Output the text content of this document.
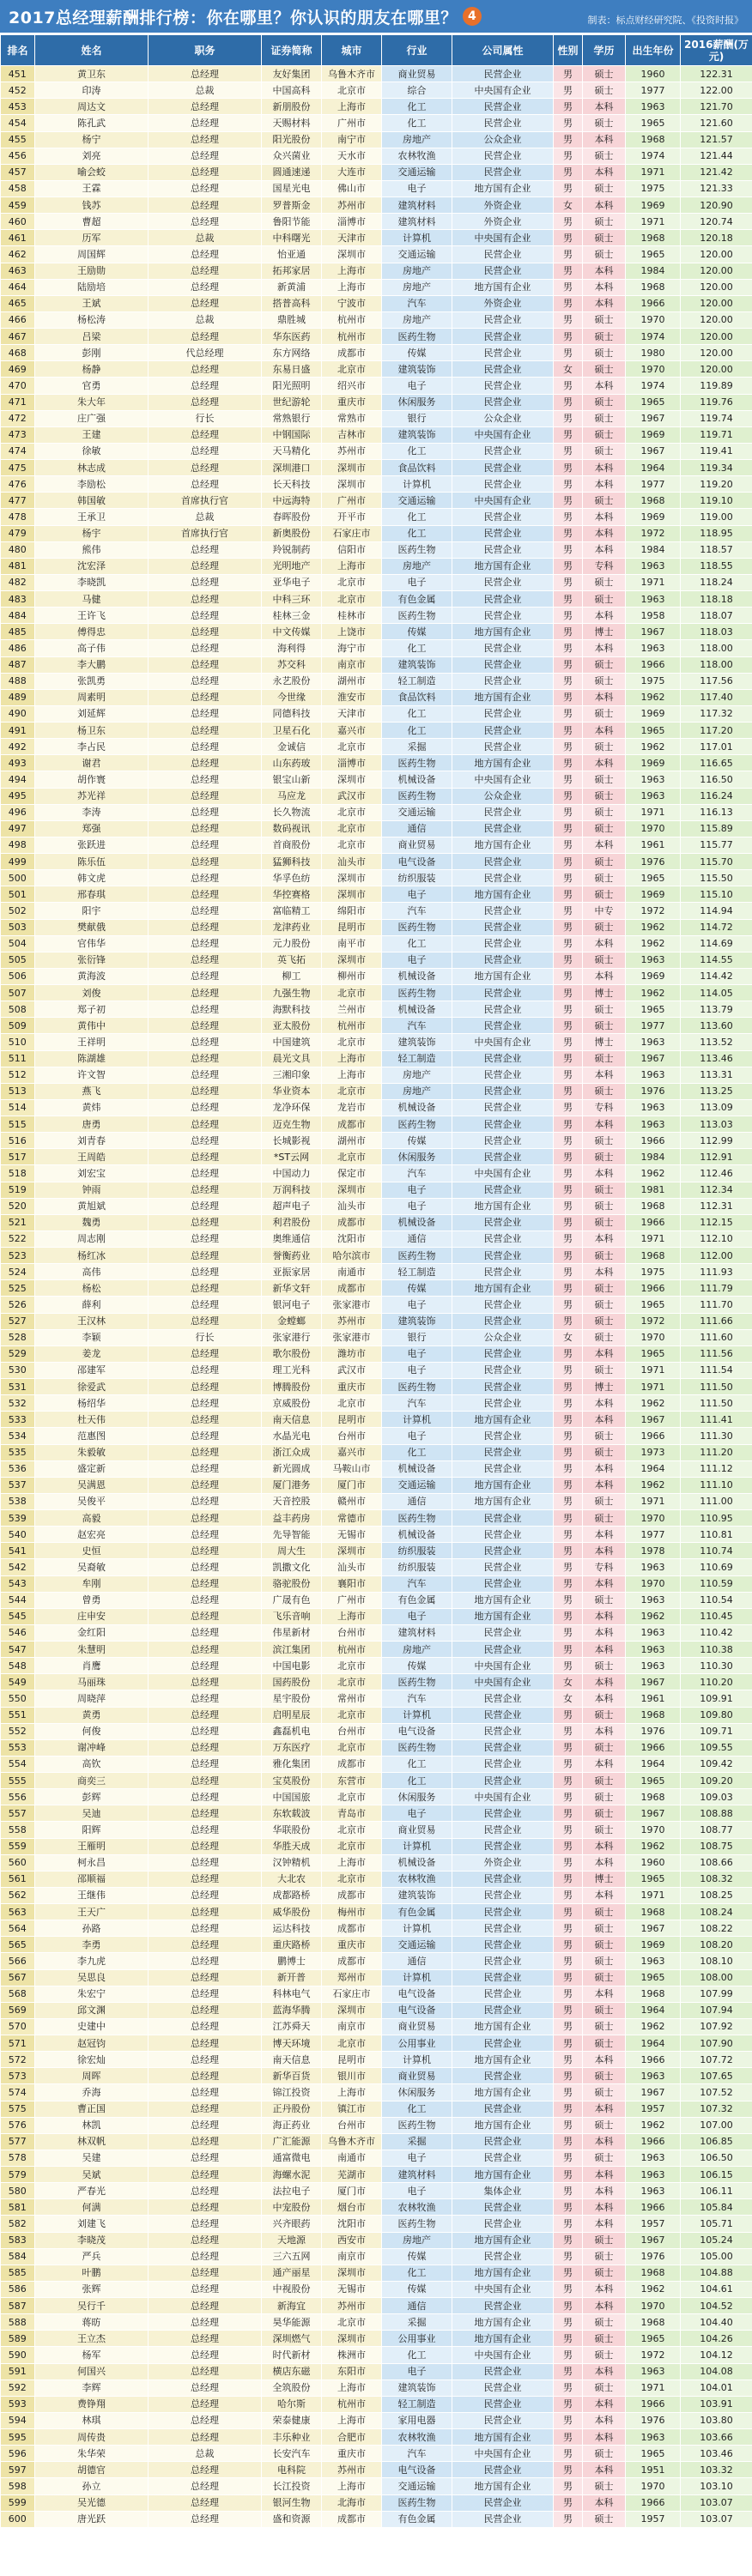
2017总经理薪酬排行榜：你在哪里？你认识的朋友在哪里？ 4	制表：标点财经研究院、《投资时报》
排名	姓名	职务	证券简称	城市	行业	公司属性	性别	学历	出生年份	2016薪酬(万元)
451	黄卫东	总经理	友好集团	乌鲁木齐市	商业贸易	民营企业	男	硕士	1960	122.31
452	印涛	总裁	中国高科	北京市	综合	中央国有企业	男	硕士	1977	122.00
453	周达文	总经理	新朋股份	上海市	化工	民营企业	男	本科	1963	121.70
454	陈孔武	总经理	天赐材料	广州市	化工	民营企业	男	硕士	1965	121.60
455	杨宁	总经理	阳光股份	南宁市	房地产	公众企业	男	本科	1968	121.57
456	刘亮	总经理	众兴菌业	天水市	农林牧渔	民营企业	男	硕士	1974	121.44
457	喻会蛟	总经理	圆通速递	大连市	交通运输	民营企业	男	本科	1971	121.42
458	王霖	总经理	国星光电	佛山市	电子	地方国有企业	男	硕士	1975	121.33
459	钱苏	总经理	罗普斯金	苏州市	建筑材料	外资企业	女	本科	1969	120.90
460	曹超	总经理	鲁阳节能	淄博市	建筑材料	外资企业	男	硕士	1971	120.74
461	历军	总裁	中科曙光	天津市	计算机	中央国有企业	男	硕士	1968	120.18
462	周国辉	总经理	怡亚通	深圳市	交通运输	民营企业	男	硕士	1965	120.00
463	王励勋	总经理	拓邦家居	上海市	房地产	民营企业	男	本科	1984	120.00
464	陆励培	总经理	新黄浦	上海市	房地产	地方国有企业	男	本科	1968	120.00
465	王斌	总经理	搭普高科	宁波市	汽车	外资企业	男	本科	1966	120.00
466	杨松涛	总裁	鼎胜城	杭州市	房地产	民营企业	男	硕士	1970	120.00
467	吕梁	总经理	华东医药	杭州市	医药生物	民营企业	男	硕士	1974	120.00
468	彭刚	代总经理	东方网络	成都市	传媒	民营企业	男	硕士	1980	120.00
469	杨静	总经理	东易日盛	北京市	建筑装饰	民营企业	女	硕士	1970	120.00
470	官勇	总经理	阳光照明	绍兴市	电子	民营企业	男	本科	1974	119.89
471	朱大年	总经理	世纪游轮	重庆市	休闲服务	民营企业	男	硕士	1965	119.76
472	庄广强	行长	常熟银行	常熟市	银行	公众企业	男	硕士	1967	119.74
473	王建	总经理	中钢国际	吉林市	建筑装饰	中央国有企业	男	硕士	1969	119.71
474	徐敏	总经理	天马精化	苏州市	化工	民营企业	男	硕士	1967	119.41
475	林志成	总经理	深圳港口	深圳市	食品饮料	民营企业	男	本科	1964	119.34
476	李励松	总经理	长天科技	深圳市	计算机	民营企业	男	本科	1977	119.20
477	韩国敏	首席执行官	中远海特	广州市	交通运输	中央国有企业	男	硕士	1968	119.10
478	王承卫	总裁	春晖股份	开平市	化工	民营企业	男	本科	1969	119.00
479	杨宇	首席执行官	新奥股份	石家庄市	化工	民营企业	男	本科	1972	118.95
480	熊伟	总经理	羚锐制药	信阳市	医药生物	民营企业	男	本科	1984	118.57
481	沈宏泽	总经理	光明地产	上海市	房地产	地方国有企业	男	专科	1963	118.55
482	李晓凯	总经理	亚华电子	北京市	电子	民营企业	男	硕士	1971	118.24
483	马健	总经理	中科三环	北京市	有色金属	民营企业	男	硕士	1963	118.18
484	王许飞	总经理	桂林三金	桂林市	医药生物	民营企业	男	本科	1958	118.07
485	傅得忠	总经理	中文传媒	上饶市	传媒	地方国有企业	男	博士	1967	118.03
486	高子伟	总经理	海利得	海宁市	化工	民营企业	男	本科	1963	118.00
487	李大鹏	总经理	苏交科	南京市	建筑装饰	民营企业	男	硕士	1966	118.00
488	张凯勇	总经理	永艺股份	湖州市	轻工制造	民营企业	男	硕士	1975	117.56
489	周素明	总经理	今世缘	淮安市	食品饮料	地方国有企业	男	本科	1962	117.40
490	刘延辉	总经理	同德科技	天津市	化工	民营企业	男	硕士	1969	117.32
491	杨卫东	总经理	卫星石化	嘉兴市	化工	民营企业	男	本科	1965	117.20
492	李占民	总经理	金诚信	北京市	采掘	民营企业	男	硕士	1962	117.01
493	谢君	总经理	山东药玻	淄博市	医药生物	地方国有企业	男	本科	1969	116.65
494	胡作寰	总经理	银宝山新	深圳市	机械设备	中央国有企业	男	硕士	1963	116.50
495	苏光祥	总经理	马应龙	武汉市	医药生物	公众企业	男	硕士	1963	116.24
496	李涛	总经理	长久物流	北京市	交通运输	民营企业	男	硕士	1971	116.13
497	郑强	总经理	数码视讯	北京市	通信	民营企业	男	硕士	1970	115.89
498	张跃进	总经理	首商股份	北京市	商业贸易	地方国有企业	男	本科	1961	115.77
499	陈乐伍	总经理	猛狮科技	汕头市	电气设备	民营企业	男	硕士	1976	115.70
500	韩文虎	总经理	华孚色纺	深圳市	纺织服装	民营企业	男	硕士	1965	115.50
501	邢春琪	总经理	华控赛格	深圳市	电子	地方国有企业	男	硕士	1969	115.10
502	阳宇	总经理	富临精工	绵阳市	汽车	民营企业	男	中专	1972	114.94
503	樊献俄	总经理	龙津药业	昆明市	医药生物	民营企业	男	硕士	1962	114.72
504	官伟华	总经理	元力股份	南平市	化工	民营企业	男	本科	1962	114.69
505	张衍锋	总经理	英飞拓	深圳市	电子	民营企业	男	硕士	1963	114.55
506	黄海波	总经理	柳工	柳州市	机械设备	地方国有企业	男	本科	1969	114.42
507	刘俊	总经理	九强生物	北京市	医药生物	民营企业	男	博士	1962	114.05
508	郑子初	总经理	海默科技	兰州市	机械设备	民营企业	男	硕士	1965	113.79
509	黄伟中	总经理	亚太股份	杭州市	汽车	民营企业	男	硕士	1977	113.60
510	王祥明	总经理	中国建筑	北京市	建筑装饰	中央国有企业	男	博士	1963	113.52
511	陈湖雄	总经理	晨光文具	上海市	轻工制造	民营企业	男	硕士	1967	113.46
512	许文智	总经理	三湘印象	上海市	房地产	民营企业	男	本科	1963	113.31
513	燕飞	总经理	华业资本	北京市	房地产	民营企业	男	硕士	1976	113.25
514	黄炜	总经理	龙净环保	龙岩市	机械设备	民营企业	男	专科	1963	113.09
515	唐勇	总经理	迈克生物	成都市	医药生物	民营企业	男	本科	1963	113.03
516	刘青春	总经理	长城影视	湖州市	传媒	民营企业	男	硕士	1966	112.99
517	王周皓	总经理	*ST云网	北京市	休闲服务	民营企业	男	硕士	1984	112.91
518	刘宏宝	总经理	中国动力	保定市	汽车	中央国有企业	男	本科	1962	112.46
519	钟雨	总经理	万润科技	深圳市	电子	民营企业	男	硕士	1981	112.34
520	黄旭斌	总经理	超声电子	汕头市	电子	地方国有企业	男	硕士	1968	112.31
521	魏勇	总经理	利君股份	成都市	机械设备	民营企业	男	硕士	1966	112.15
522	周志刚	总经理	奥维通信	沈阳市	通信	民营企业	男	本科	1971	112.10
523	杨红冰	总经理	誉衡药业	哈尔滨市	医药生物	民营企业	男	硕士	1968	112.00
524	高伟	总经理	亚振家居	南通市	轻工制造	民营企业	男	本科	1975	111.93
525	杨松	总经理	新华文轩	成都市	传媒	地方国有企业	男	硕士	1966	111.79
526	薛利	总经理	银河电子	张家港市	电子	民营企业	男	硕士	1965	111.70
527	王汉林	总经理	金螳螂	苏州市	建筑装饰	民营企业	男	硕士	1972	111.66
528	李颖	行长	张家港行	张家港市	银行	公众企业	女	硕士	1970	111.60
529	姜龙	总经理	歌尔股份	潍坊市	电子	民营企业	男	本科	1965	111.56
530	邵建军	总经理	理工光科	武汉市	电子	民营企业	男	硕士	1971	111.54
531	徐爱武	总经理	博腾股份	重庆市	医药生物	民营企业	男	博士	1971	111.50
532	杨绍华	总经理	京威股份	北京市	汽车	民营企业	男	本科	1962	111.50
533	杜天伟	总经理	南天信息	昆明市	计算机	地方国有企业	男	本科	1967	111.41
534	范惠图	总经理	水晶光电	台州市	电子	民营企业	男	硕士	1966	111.30
535	朱毅敏	总经理	浙江众成	嘉兴市	化工	民营企业	男	硕士	1973	111.20
536	盛定新	总经理	新光圆成	马鞍山市	机械设备	民营企业	男	本科	1964	111.12
537	吴满恩	总经理	厦门港务	厦门市	交通运输	地方国有企业	男	本科	1962	111.10
538	吴俊平	总经理	天音控股	赣州市	通信	地方国有企业	男	硕士	1971	111.00
539	高毅	总经理	益丰药房	常德市	医药生物	民营企业	男	硕士	1970	110.95
540	赵宏亮	总经理	先导智能	无锡市	机械设备	民营企业	男	本科	1977	110.81
541	史恒	总经理	周大生	深圳市	纺织服装	民营企业	男	本科	1978	110.74
542	吴裔敏	总经理	凯撒文化	汕头市	纺织服装	民营企业	男	专科	1963	110.69
543	牟刚	总经理	骆驼股份	襄阳市	汽车	民营企业	男	本科	1970	110.59
544	曾勇	总经理	广晟有色	广州市	有色金属	地方国有企业	男	硕士	1963	110.54
545	庄申安	总经理	飞乐音响	上海市	电子	地方国有企业	男	本科	1962	110.45
546	金红阳	总经理	伟星新材	台州市	建筑材料	民营企业	男	本科	1963	110.42
547	朱慧明	总经理	滨江集团	杭州市	房地产	民营企业	男	本科	1963	110.38
548	肖鹰	总经理	中国电影	北京市	传媒	中央国有企业	男	硕士	1963	110.30
549	马丽珠	总经理	国药股份	北京市	医药生物	中央国有企业	女	本科	1967	110.20
550	周晓萍	总经理	星宇股份	常州市	汽车	民营企业	女	本科	1961	109.91
551	黄勇	总经理	启明星辰	北京市	计算机	民营企业	男	硕士	1968	109.80
552	何俊	总经理	鑫磊机电	台州市	电气设备	民营企业	男	本科	1976	109.71
553	谢冲峰	总经理	万东医疗	北京市	医药生物	民营企业	男	硕士	1966	109.55
554	高钦	总经理	雅化集团	成都市	化工	民营企业	男	本科	1964	109.42
555	商奕三	总经理	宝莫股份	东营市	化工	民营企业	男	硕士	1965	109.20
556	彭辉	总经理	中国国旅	北京市	休闲服务	中央国有企业	男	硕士	1968	109.03
557	吴迪	总经理	东软载波	青岛市	电子	民营企业	男	硕士	1967	108.88
558	阳辉	总经理	华联股份	北京市	商业贸易	民营企业	男	硕士	1970	108.77
559	王雁明	总经理	华胜天成	北京市	计算机	民营企业	男	本科	1962	108.75
560	柯永昌	总经理	汉钟精机	上海市	机械设备	外资企业	男	本科	1960	108.66
561	邵顺福	总经理	大北农	北京市	农林牧渔	民营企业	男	博士	1965	108.32
562	王继伟	总经理	成都路桥	成都市	建筑装饰	民营企业	男	本科	1971	108.25
563	王天广	总经理	威华股份	梅州市	有色金属	民营企业	男	硕士	1968	108.24
564	孙路	总经理	运达科技	成都市	计算机	民营企业	男	硕士	1967	108.22
565	李勇	总经理	重庆路桥	重庆市	交通运输	民营企业	男	硕士	1969	108.20
566	李九虎	总经理	鹏博士	成都市	通信	民营企业	男	硕士	1963	108.10
567	吴思良	总经理	新开普	郑州市	计算机	民营企业	男	硕士	1965	108.00
568	朱宏宁	总经理	科林电气	石家庄市	电气设备	民营企业	男	本科	1968	107.99
569	邱文渊	总经理	蓝海华腾	深圳市	电气设备	民营企业	男	硕士	1964	107.94
570	史建中	总经理	江苏舜天	南京市	商业贸易	地方国有企业	男	硕士	1962	107.92
571	赵冠钧	总经理	博天环境	北京市	公用事业	民营企业	男	硕士	1964	107.90
572	徐宏灿	总经理	南天信息	昆明市	计算机	地方国有企业	男	本科	1966	107.72
573	周晖	总经理	新华百货	银川市	商业贸易	民营企业	男	硕士	1963	107.65
574	乔海	总经理	锦江投资	上海市	休闲服务	地方国有企业	男	硕士	1967	107.52
575	曹正国	总经理	正丹股份	镇江市	化工	民营企业	男	本科	1957	107.32
576	林凯	总经理	海正药业	台州市	医药生物	地方国有企业	男	硕士	1962	107.00
577	林双帆	总经理	广汇能源	乌鲁木齐市	采掘	民营企业	男	本科	1966	106.85
578	吴建	总经理	通富微电	南通市	电子	民营企业	男	硕士	1963	106.50
579	吴斌	总经理	海螺水泥	芜湖市	建筑材料	地方国有企业	男	本科	1963	106.15
580	严春光	总经理	法拉电子	厦门市	电子	集体企业	男	本科	1963	106.11
581	何满	总经理	中宠股份	烟台市	农林牧渔	民营企业	男	本科	1966	105.84
582	刘建飞	总经理	兴齐眼药	沈阳市	医药生物	民营企业	男	本科	1957	105.71
583	李晓茂	总经理	天地源	西安市	房地产	地方国有企业	男	硕士	1967	105.24
584	严兵	总经理	三六五网	南京市	传媒	民营企业	男	硕士	1976	105.00
585	叶鹏	总经理	通产丽星	深圳市	化工	地方国有企业	男	硕士	1968	104.88
586	张辉	总经理	中视股份	无锡市	传媒	中央国有企业	男	本科	1962	104.61
587	吴行千	总经理	新海宜	苏州市	通信	民营企业	男	本科	1970	104.52
588	蒋昉	总经理	昊华能源	北京市	采掘	地方国有企业	男	硕士	1968	104.40
589	王立杰	总经理	深圳燃气	深圳市	公用事业	地方国有企业	男	硕士	1965	104.26
590	杨军	总经理	时代新材	株洲市	化工	中央国有企业	男	硕士	1972	104.12
591	何国兴	总经理	横店东磁	东阳市	电子	民营企业	男	本科	1963	104.08
592	李辉	总经理	全筑股份	上海市	建筑装饰	民营企业	男	硕士	1971	104.01
593	费铮翔	总经理	哈尔斯	杭州市	轻工制造	民营企业	男	本科	1966	103.91
594	林琪	总经理	荣泰健康	上海市	家用电器	民营企业	男	本科	1976	103.80
595	周传贵	总经理	丰乐种业	合肥市	农林牧渔	地方国有企业	男	本科	1963	103.66
596	朱华荣	总裁	长安汽车	重庆市	汽车	中央国有企业	男	硕士	1965	103.46
597	胡德官	总经理	电科院	苏州市	电气设备	民营企业	男	本科	1951	103.32
598	孙立	总经理	长江投资	上海市	交通运输	地方国有企业	男	硕士	1970	103.10
599	吴光德	总经理	银河生物	北海市	医药生物	民营企业	男	本科	1966	103.07
600	唐光跃	总经理	盛和资源	成都市	有色金属	民营企业	男	硕士	1957	103.07
